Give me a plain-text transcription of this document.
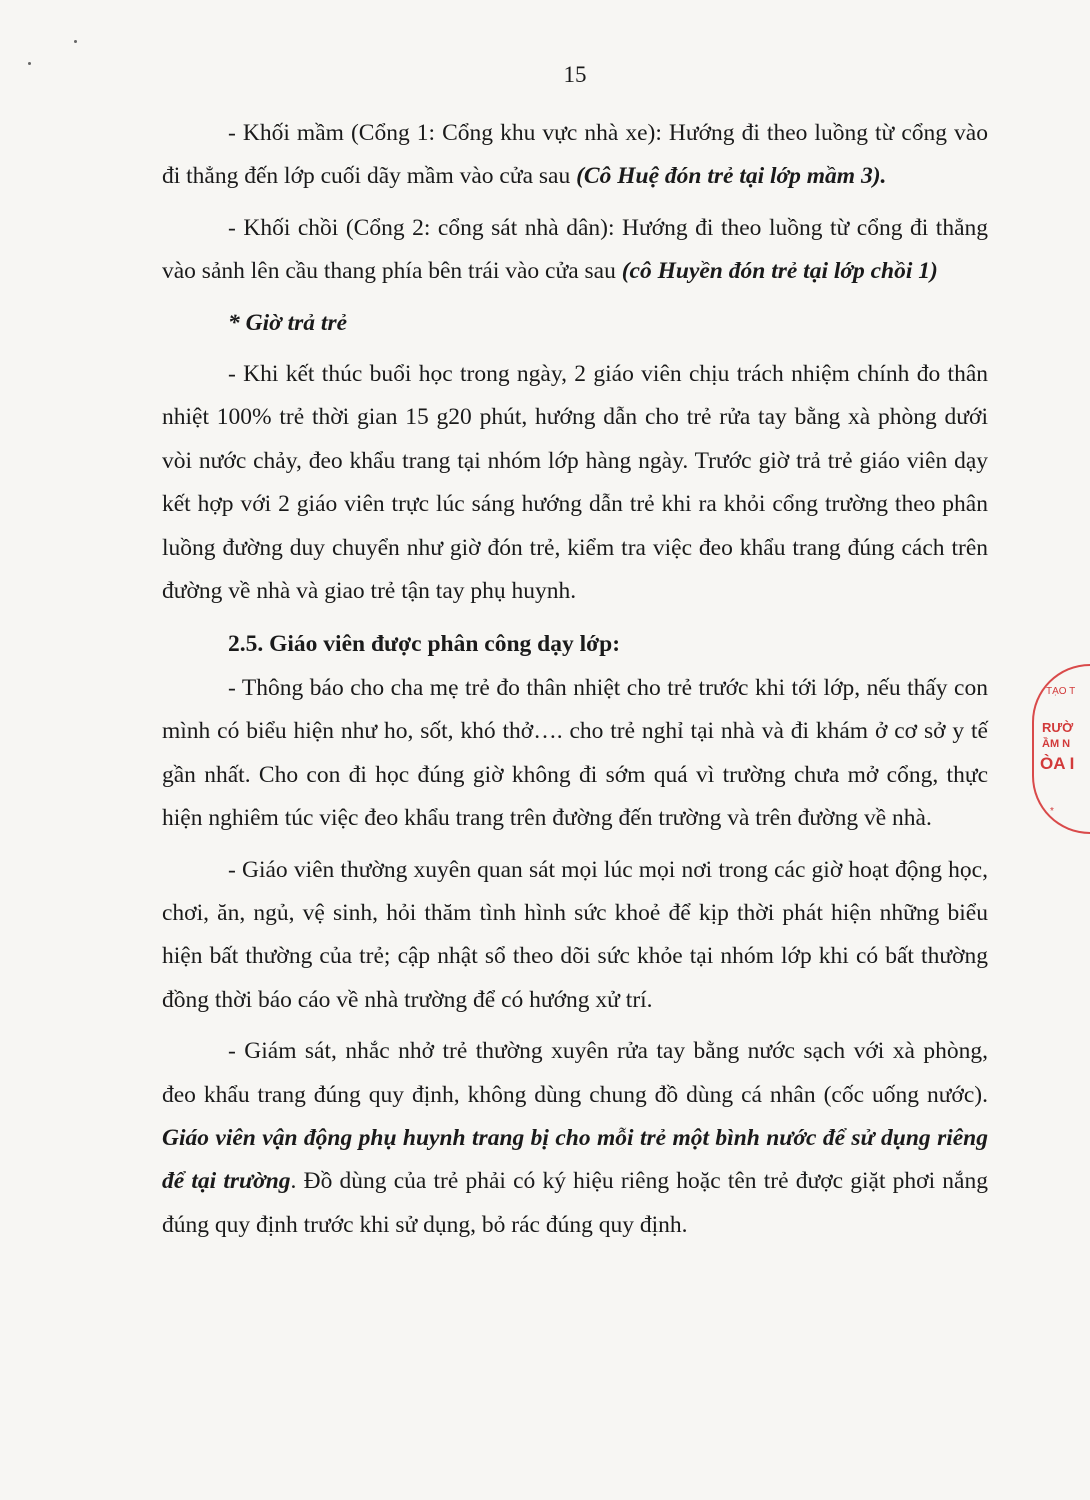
15

- Khối mầm (Cổng 1: Cổng khu vực nhà xe): Hướng đi theo luồng từ cổng vào đi thẳng đến lớp cuối dãy mầm vào cửa sau (Cô Huệ đón trẻ tại lớp mầm 3).

- Khối chồi (Cổng 2: cổng sát nhà dân): Hướng đi theo luồng từ cổng đi thẳng vào sảnh lên cầu thang phía bên trái vào cửa sau (cô Huyền đón trẻ tại lớp chồi 1)

* Giờ trả trẻ

- Khi kết thúc buổi học trong ngày, 2 giáo viên chịu trách nhiệm chính đo thân nhiệt 100% trẻ thời gian 15 g20 phút, hướng dẫn cho trẻ rửa tay bằng xà phòng dưới vòi nước chảy, đeo khẩu trang tại nhóm lớp hàng ngày. Trước giờ trả trẻ giáo viên dạy kết hợp với 2 giáo viên trực lúc sáng hướng dẫn trẻ khi ra khỏi cổng trường theo phân luồng đường duy chuyển như giờ đón trẻ, kiểm tra việc đeo khẩu trang đúng cách trên đường về nhà và giao trẻ tận tay phụ huynh.

2.5. Giáo viên được phân công dạy lớp:

- Thông báo cho cha mẹ trẻ đo thân nhiệt cho trẻ trước khi tới lớp, nếu thấy con mình có biểu hiện như ho, sốt, khó thở…. cho trẻ nghỉ tại nhà và đi khám ở cơ sở y tế gần nhất. Cho con đi học đúng giờ không đi sớm quá vì trường chưa mở cổng, thực hiện nghiêm túc việc đeo khẩu trang trên đường đến trường và trên đường về nhà.

- Giáo viên thường xuyên quan sát mọi lúc mọi nơi trong các giờ hoạt động học, chơi, ăn, ngủ, vệ sinh, hỏi thăm tình hình sức khoẻ để kịp thời phát hiện những biểu hiện bất thường của trẻ; cập nhật sổ theo dõi sức khỏe tại nhóm lớp khi có bất thường đồng thời báo cáo về nhà trường để có hướng xử trí.

- Giám sát, nhắc nhở trẻ thường xuyên rửa tay bằng nước sạch với xà phòng, đeo khẩu trang đúng quy định, không dùng chung đồ dùng cá nhân (cốc uống nước). Giáo viên vận động phụ huynh trang bị cho mỗi trẻ một bình nước để sử dụng riêng để tại trường. Đồ dùng của trẻ phải có ký hiệu riêng hoặc tên trẻ được giặt phơi nắng đúng quy định trước khi sử dụng, bỏ rác đúng quy định.

TẠO T
RƯỜ
ẦM N
ÒA I
*
